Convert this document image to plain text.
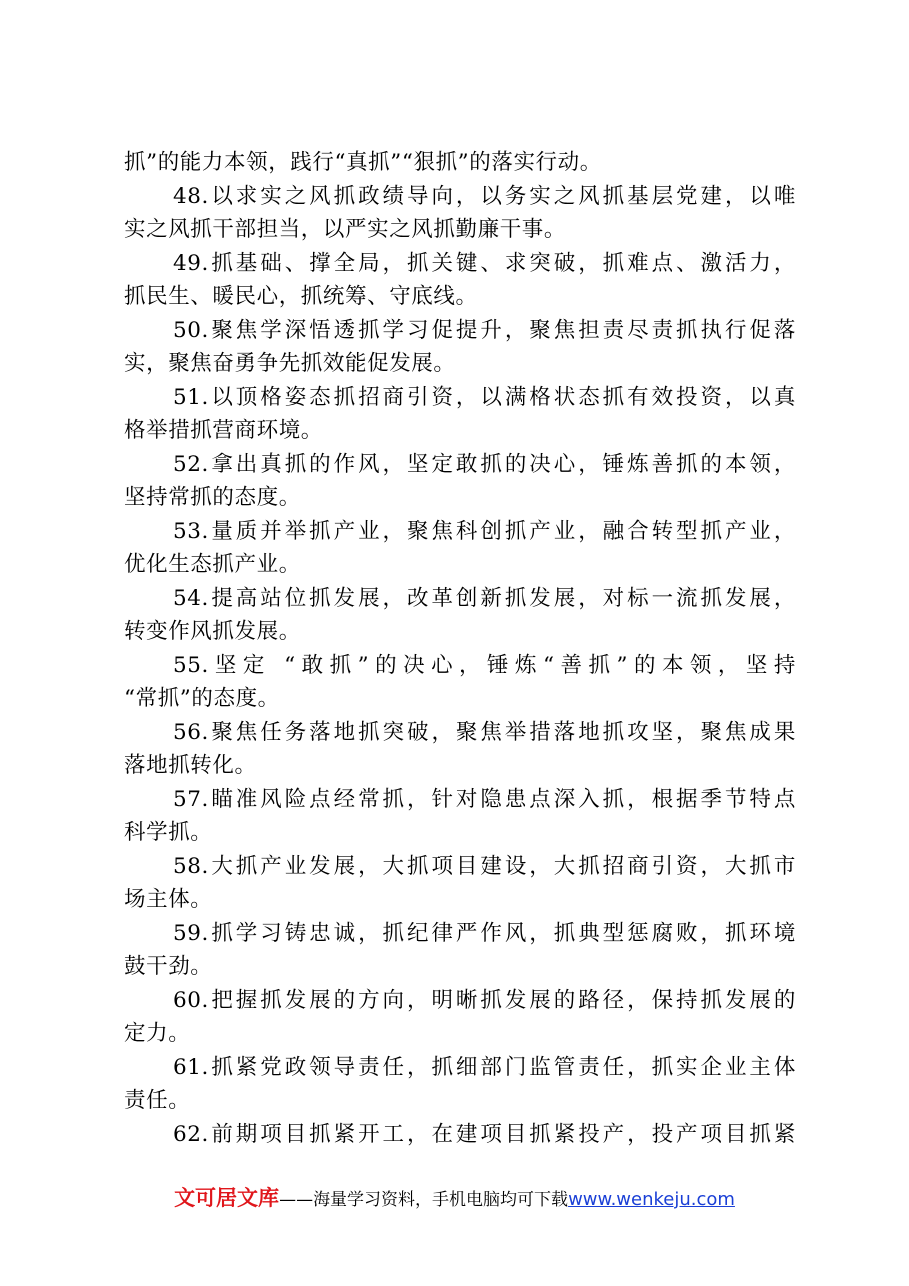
抓”的能力本领，践行“真抓”“狠抓”的落实行动。
48.以求实之风抓政绩导向，以务实之风抓基层党建，以唯
实之风抓干部担当，以严实之风抓勤廉干事。
49.抓基础、撑全局，抓关键、求突破，抓难点、激活力，
抓民生、暖民心，抓统筹、守底线。
50.聚焦学深悟透抓学习促提升，聚焦担责尽责抓执行促落
实，聚焦奋勇争先抓效能促发展。
51.以顶格姿态抓招商引资，以满格状态抓有效投资，以真
格举措抓营商环境。
52.拿出真抓的作风，坚定敢抓的决心，锤炼善抓的本领，
坚持常抓的态度。
53.量质并举抓产业，聚焦科创抓产业，融合转型抓产业，
优化生态抓产业。
54.提高站位抓发展，改革创新抓发展，对标一流抓发展，
转变作风抓发展。
55.坚定 “敢抓”的决心，锤炼“善抓”的本领，坚持
“常抓”的态度。
56.聚焦任务落地抓突破，聚焦举措落地抓攻坚，聚焦成果
落地抓转化。
57.瞄准风险点经常抓，针对隐患点深入抓，根据季节特点
科学抓。
58.大抓产业发展，大抓项目建设，大抓招商引资，大抓市
场主体。
59.抓学习铸忠诚，抓纪律严作风，抓典型惩腐败，抓环境
鼓干劲。
60.把握抓发展的方向，明晰抓发展的路径，保持抓发展的
定力。
61.抓紧党政领导责任，抓细部门监管责任，抓实企业主体
责任。
62.前期项目抓紧开工，在建项目抓紧投产，投产项目抓紧
文可居文库——海量学习资料，手机电脑均可下载www.wenkeju.com
